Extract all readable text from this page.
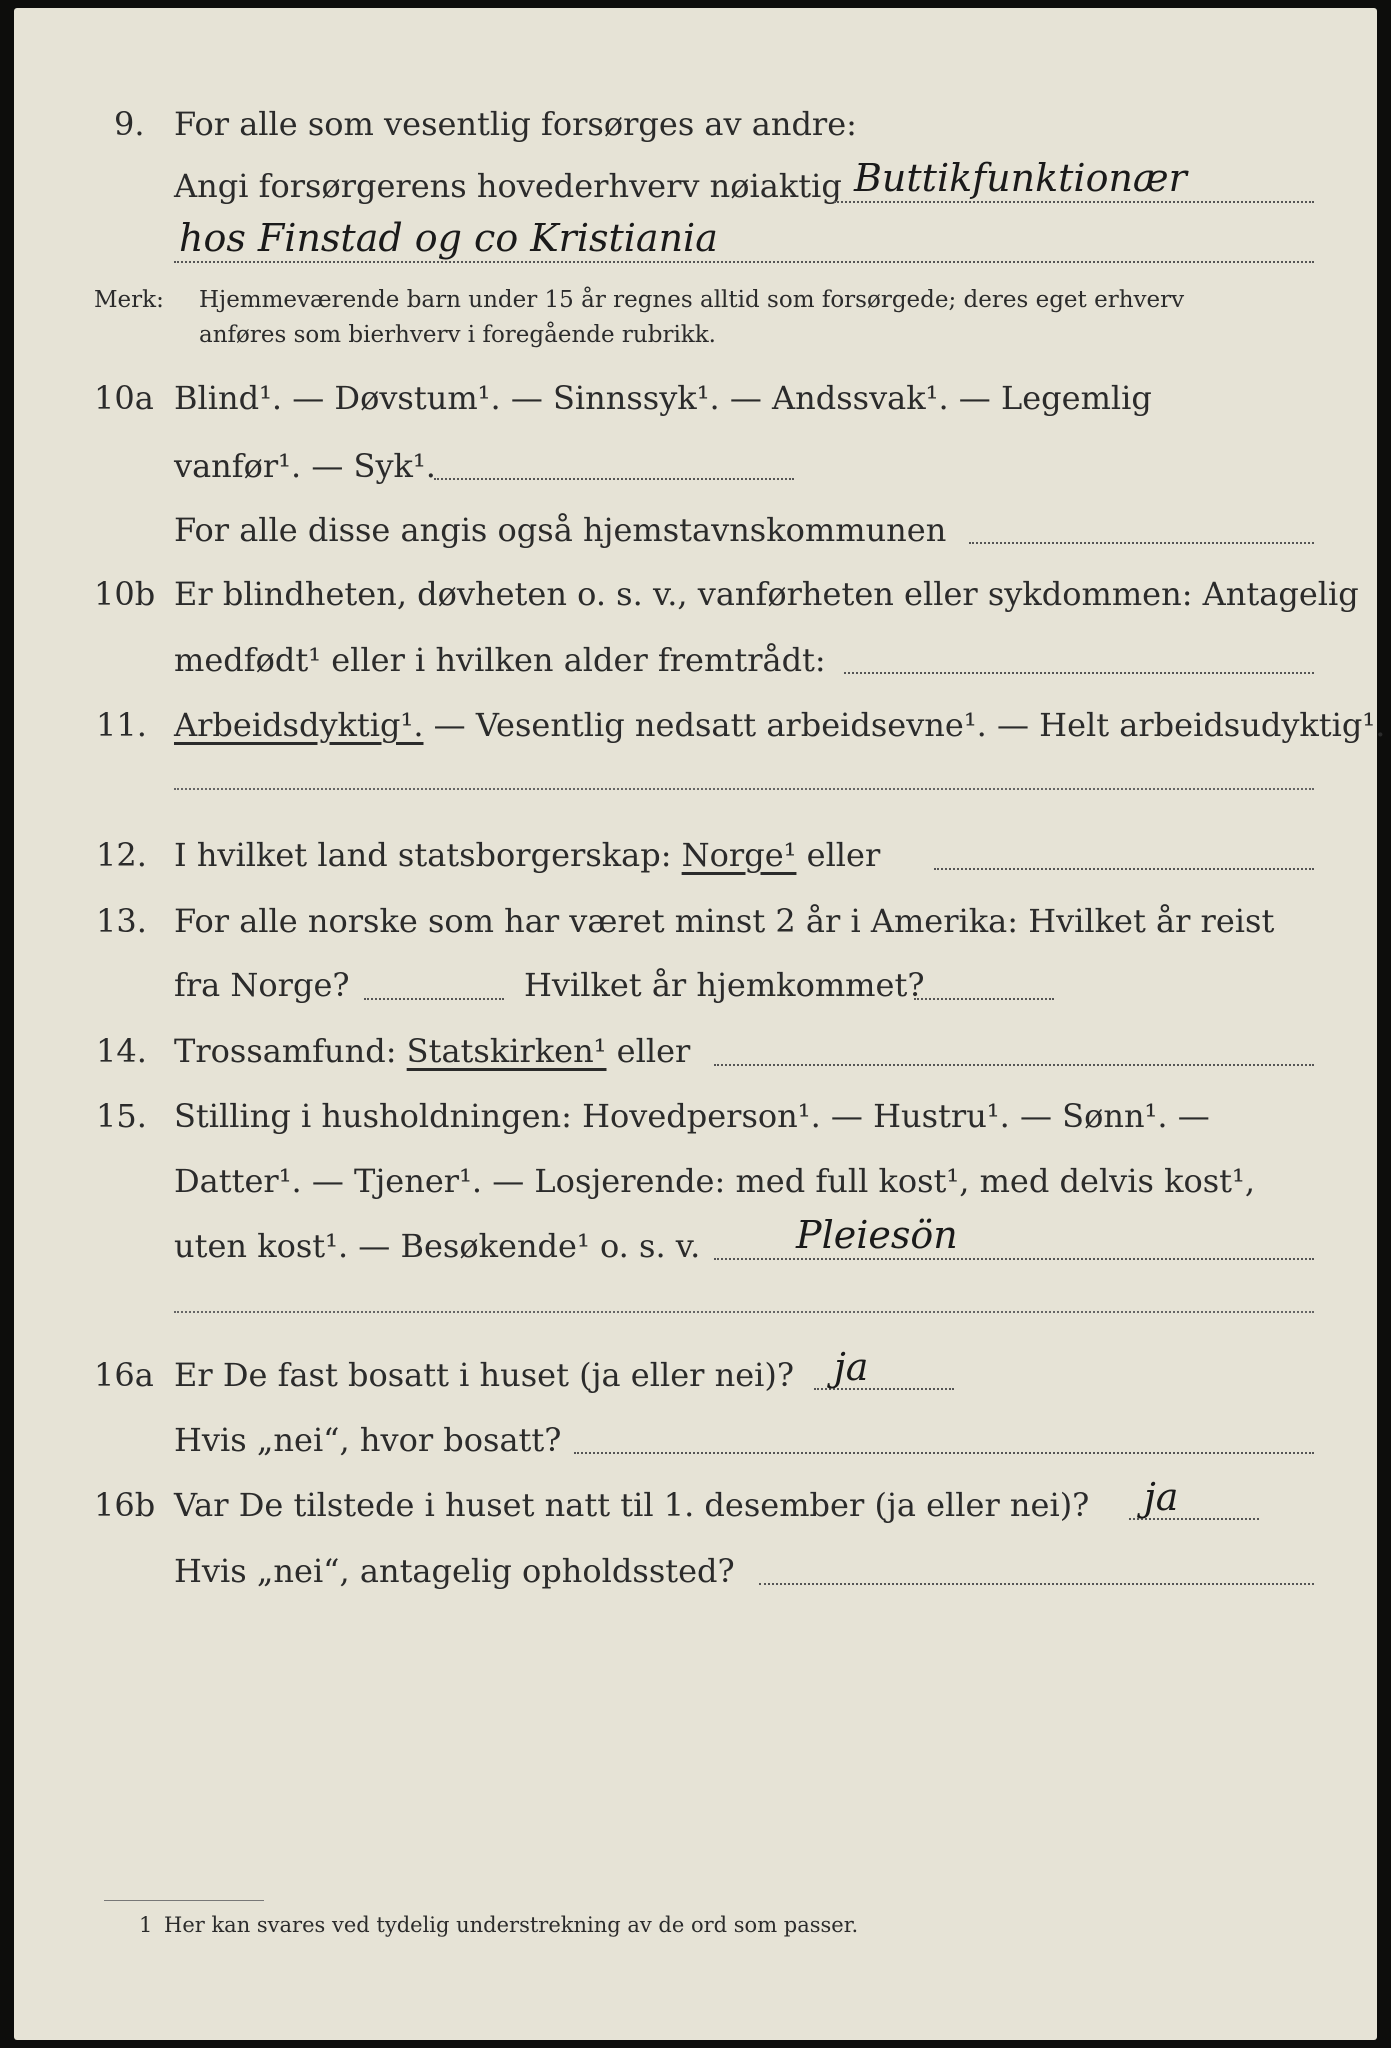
9. For alle som vesentlig forsørges av andre:
Angi forsørgerens hovederhverv nøiaktig Buttikfunktionær
hos Finstad og co Kristiania
Merk: Hjemmeværende barn under 15 år regnes alltid som forsørgede; deres eget erhverv
anføres som bierhverv i foregående rubrikk.
10a Blind¹. — Døvstum¹. — Sinnssyk¹. — Andssvak¹. — Legemlig
vanfør¹. — Syk¹.
For alle disse angis også hjemstavnskommunen
10b Er blindheten, døvheten o. s. v., vanførheten eller sykdommen: Antagelig
medfødt¹ eller i hvilken alder fremtrådt:
11. Arbeidsdyktig¹. — Vesentlig nedsatt arbeidsevne¹. — Helt arbeidsudyktig¹.
12. I hvilket land statsborgerskap: Norge¹ eller
13. For alle norske som har været minst 2 år i Amerika: Hvilket år reist
fra Norge?	Hvilket år hjemkommet?
14. Trossamfund: Statskirken¹ eller
15. Stilling i husholdningen: Hovedperson¹. — Hustru¹. — Sønn¹. —
Datter¹. — Tjener¹. — Losjerende: med full kost¹, med delvis kost¹,
uten kost¹. — Besøkende¹ o. s. v.	Pleiesön
16a Er De fast bosatt i huset (ja eller nei)? ja
Hvis „nei“, hvor bosatt?
16b Var De tilstede i huset natt til 1. desember (ja eller nei)? ja
Hvis „nei“, antagelig opholdssted?
1 Her kan svares ved tydelig understrekning av de ord som passer.
